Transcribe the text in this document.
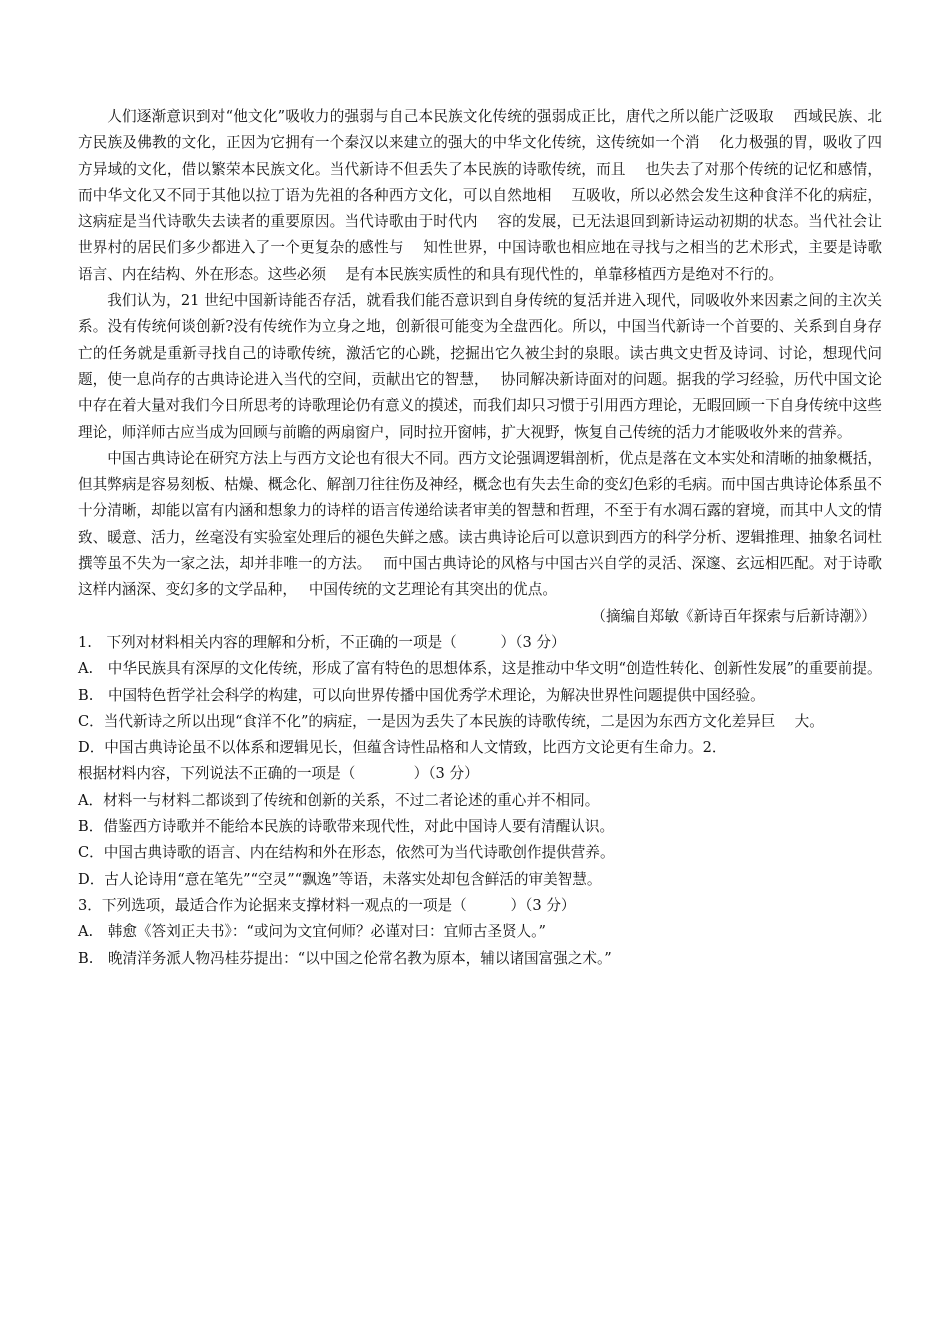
人们逐渐意识到对“他文化”吸收力的强弱与自己本民族文化传统的强弱成正比，唐代之所以能广泛吸取　 西域民族、北方民族及佛教的文化，正因为它拥有一个秦汉以来建立的强大的中华文化传统，这传统如一个消　 化力极强的胃，吸收了四方异域的文化，借以繁荣本民族文化。当代新诗不但丢失了本民族的诗歌传统，而且　 也失去了对那个传统的记忆和感情，而中华文化又不同于其他以拉丁语为先祖的各种西方文化，可以自然地相　 互吸收，所以必然会发生这种食洋不化的病症，这病症是当代诗歌失去读者的重要原因。当代诗歌由于时代内　 容的发展，已无法退回到新诗运动初期的状态。当代社会让世界村的居民们多少都进入了一个更复杂的感性与　 知性世界，中国诗歌也相应地在寻找与之相当的艺术形式，主要是诗歌语言、内在结构、外在形态。这些必须　 是有本民族实质性的和具有现代性的，单靠移植西方是绝对不行的。

我们认为，21 世纪中国新诗能否存活，就看我们能否意识到自身传统的复活并进入现代，同吸收外来因素之间的主次关系。没有传统何谈创新?没有传统作为立身之地，创新很可能变为全盘西化。所以，中国当代新诗一个首要的、关系到自身存亡的任务就是重新寻找自己的诗歌传统，激活它的心跳，挖掘出它久被尘封的泉眼。读古典文史哲及诗词、讨论，想现代问题，使一息尚存的古典诗论进入当代的空间，贡献出它的智慧，　 协同解决新诗面对的问题。据我的学习经验，历代中国文论中存在着大量对我们今日所思考的诗歌理论仍有意义的摸述，而我们却只习惯于引用西方理论，无暇回顾一下自身传统中这些理论，师洋师古应当成为回顾与前瞻的两扇窗户，同时拉开窗帏，扩大视野，恢复自己传统的活力才能吸收外来的营养。

中国古典诗论在研究方法上与西方文论也有很大不同。西方文论强调逻辑剖析，优点是落在文本实处和清晰的抽象概括，但其弊病是容易刻板、枯燥、概念化、解剖刀往往伤及神经，概念也有失去生命的变幻色彩的毛病。而中国古典诗论体系虽不十分清晰，却能以富有内涵和想象力的诗样的语言传递给读者审美的智慧和哲理，不至于有水凋石露的窘境，而其中人文的情致、暖意、活力，丝毫没有实验室处理后的褪色失鲜之感。读古典诗论后可以意识到西方的科学分析、逻辑推理、抽象名词杜撰等虽不失为一家之法，却并非唯一的方法。　 而中国古典诗论的风格与中国古兴自学的灵活、深邃、玄远相匹配。对于诗歌这样内涵深、变幻多的文学品种，　 中国传统的文艺理论有其突出的优点。

（摘编自郑敏《新诗百年探索与后新诗潮》）

1.　下列对材料相关内容的理解和分析，不正确的一项是（　　　）（3 分）

A.　中华民族具有深厚的文化传统，形成了富有特色的思想体系，这是推动中华文明“创造性转化、创新性发展”的重要前提。

B.　中国特色哲学社会科学的构建，可以向世界传播中国优秀学术理论，为解决世界性问题提供中国经验。

C．当代新诗之所以出现“食洋不化”的病症，一是因为丢失了本民族的诗歌传统，二是因为东西方文化差异巨　 大。

D．中国古典诗论虽不以体系和逻辑见长，但蕴含诗性品格和人文情致，比西方文论更有生命力。2．

根据材料内容，下列说法不正确的一项是（　　　　）（3 分）

A．材料一与材料二都谈到了传统和创新的关系，不过二者论述的重心并不相同。

B．借鉴西方诗歌并不能给本民族的诗歌带来现代性，对此中国诗人要有清醒认识。

C．中国古典诗歌的语言、内在结构和外在形态，依然可为当代诗歌创作提供营养。

D．古人论诗用“意在笔先”“空灵”“飘逸”等语，未落实处却包含鲜活的审美智慧。

3．下列选项，最适合作为论据来支撑材料一观点的一项是（　　　）（3 分）

A.　韩愈《答刘正夫书》：“或问为文宜何师？必谨对曰：宜师古圣贤人。”

B.　晚清洋务派人物冯桂芬提出：“以中国之伦常名教为原本，辅以诸国富强之术。”
